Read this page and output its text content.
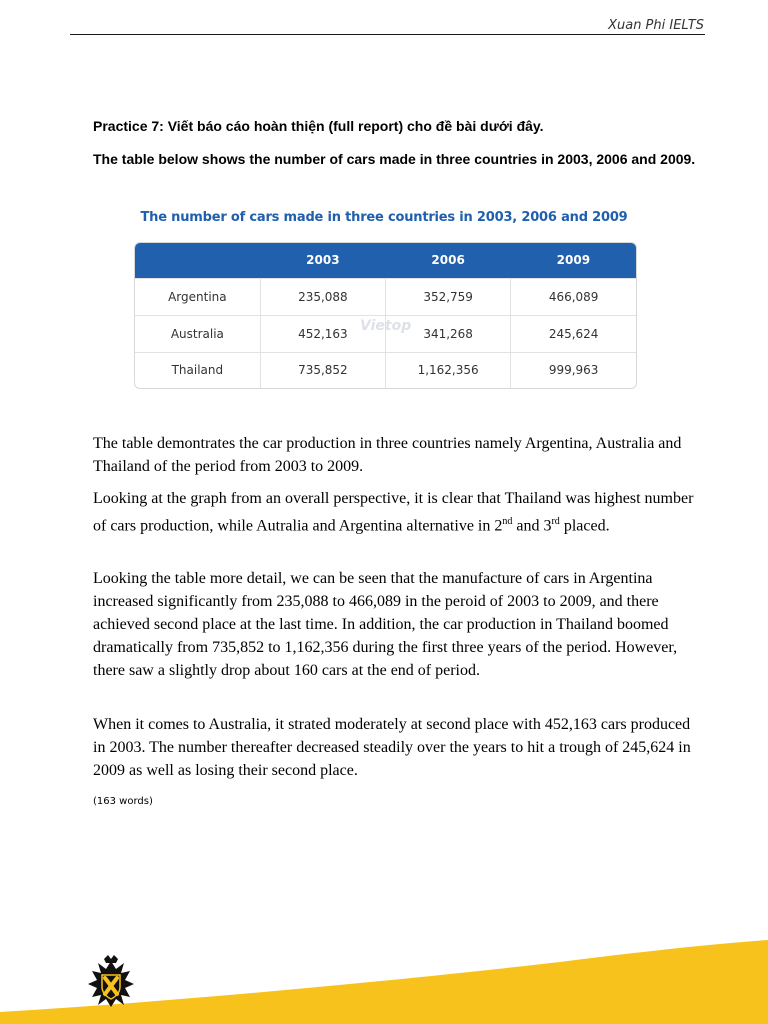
Xuan Phi IELTS
Practice 7: Viết báo cáo hoàn thiện (full report) cho đề bài dưới đây.
The table below shows the number of cars made in three countries in 2003, 2006 and 2009.
The number of cars made in three countries in 2003, 2006 and 2009
	2003	2006	2009
Argentina	235,088	352,759	466,089
Australia	452,163	341,268	245,624
Thailand	735,852	1,162,356	999,963
Vietop

The table demontrates the car production in three countries namely Argentina, Australia and Thailand of the period from 2003 to 2009.

Looking at the graph from an overall perspective, it is clear that Thailand was highest number of cars production, while Autralia and Argentina alternative in 2nd and 3rd placed.

Looking the table more detail, we can be seen that the manufacture of cars in Argentina increased significantly from 235,088 to 466,089 in the peroid of 2003 to 2009, and there achieved second place at the last time. In addition, the car production in Thailand boomed dramatically from 735,852 to 1,162,356 during the first three years of the period. However, there saw a slightly drop about 160 cars at the end of period.

When it comes to Australia, it strated moderately at second place with 452,163 cars produced in 2003. The number thereafter decreased steadily over the years to hit a trough of 245,624 in 2009 as well as losing their second place.

(163 words)
